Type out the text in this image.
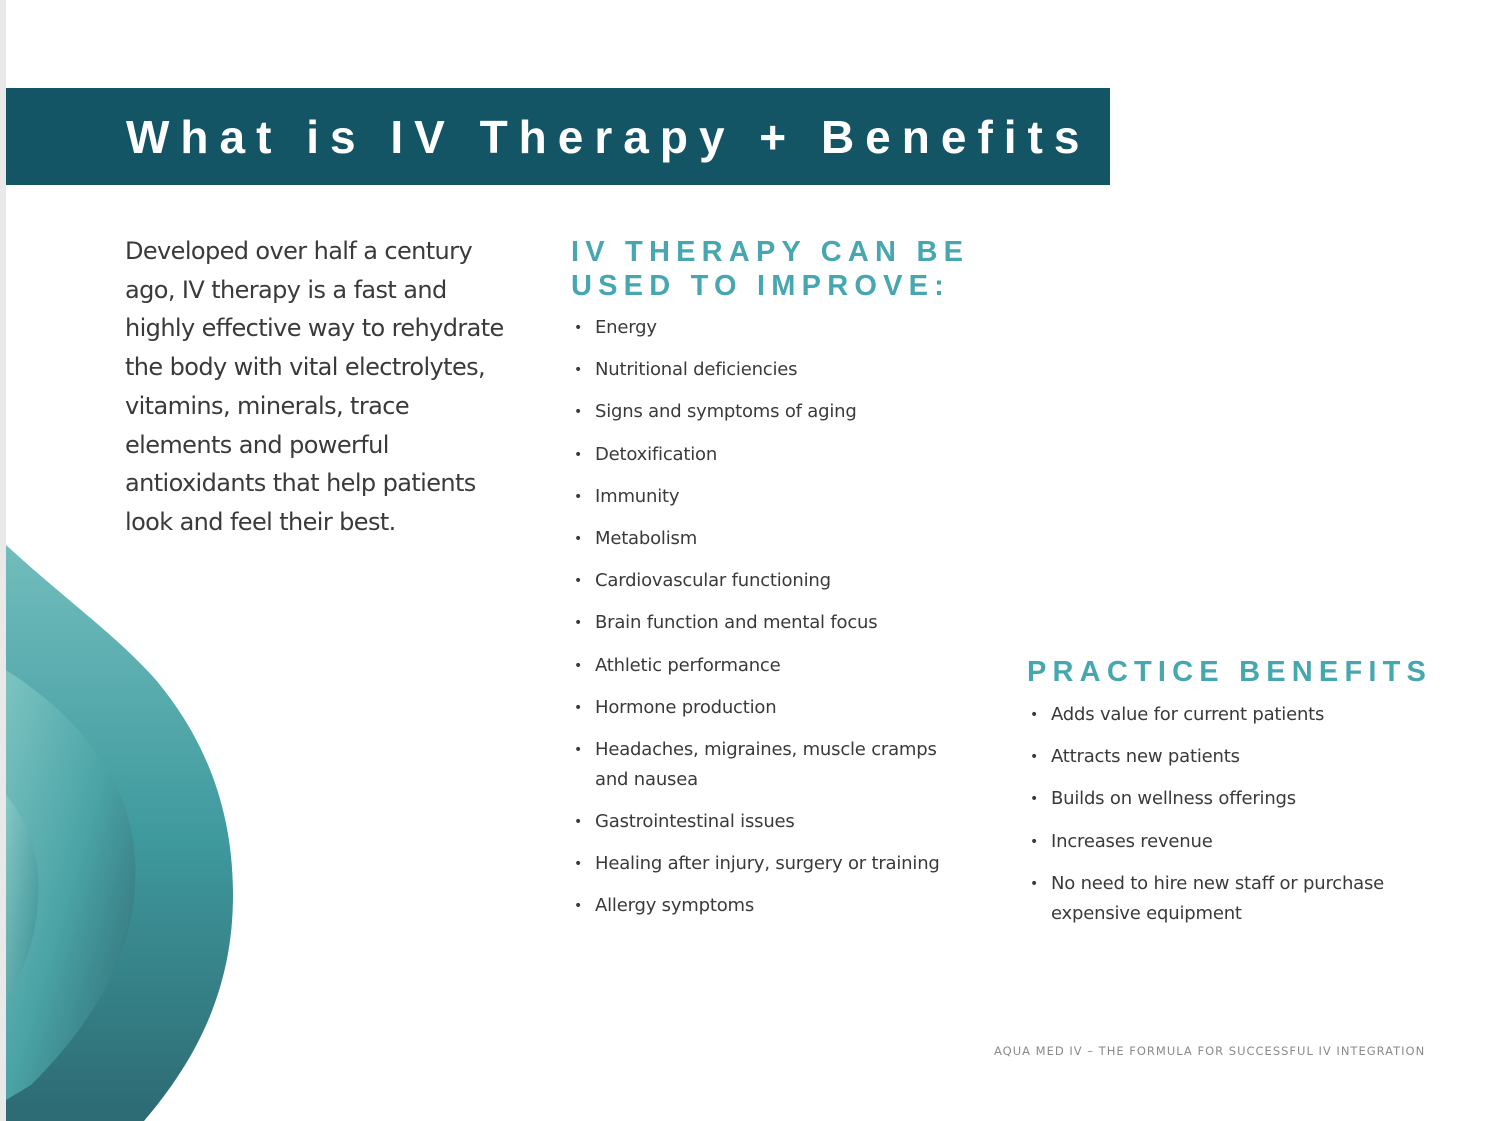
What is IV Therapy + Benefits

Developed over half a century ago, IV therapy is a fast and highly effective way to rehydrate the body with vital electrolytes, vitamins, minerals, trace elements and powerful antioxidants that help patients look and feel their best.

IV THERAPY CAN BE
USED TO IMPROVE:
• Energy
• Nutritional deficiencies
• Signs and symptoms of aging
• Detoxification
• Immunity
• Metabolism
• Cardiovascular functioning
• Brain function and mental focus
• Athletic performance
• Hormone production
• Headaches, migraines, muscle cramps and nausea
• Gastrointestinal issues
• Healing after injury, surgery or training
• Allergy symptoms
PRACTICE BENEFITS
• Adds value for current patients
• Attracts new patients
• Builds on wellness offerings
• Increases revenue
• No need to hire new staff or purchase expensive equipment
AQUA MED IV – THE FORMULA FOR SUCCESSFUL IV INTEGRATION
